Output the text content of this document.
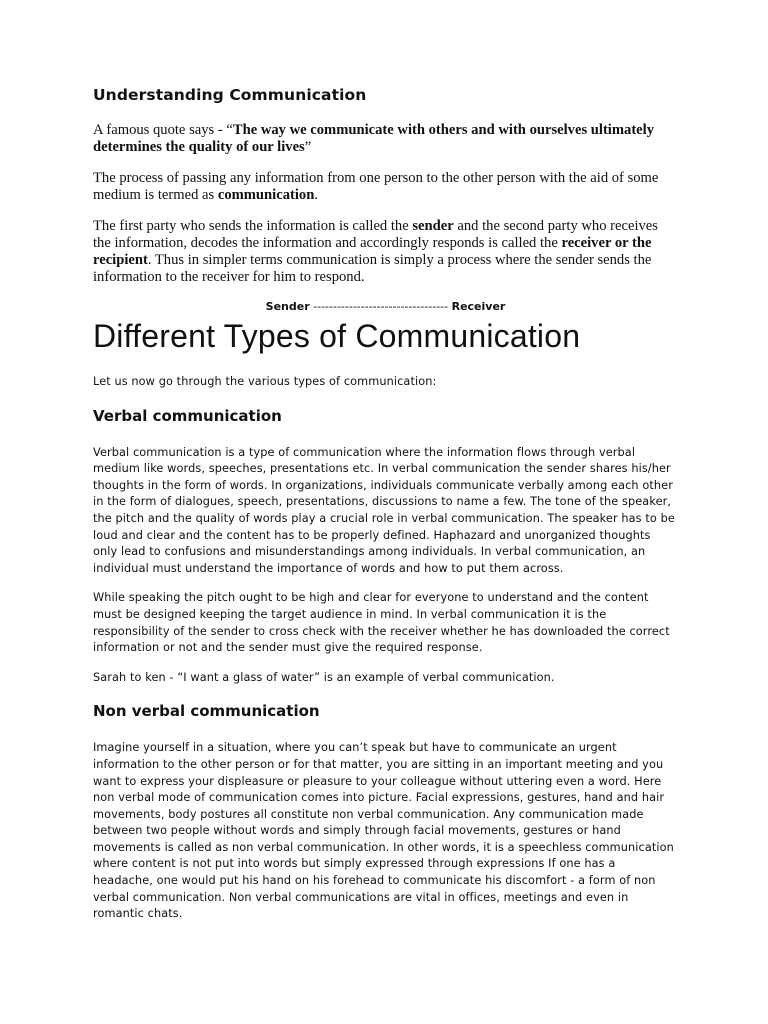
Understanding Communication

A famous quote says - “The way we communicate with others and with ourselves ultimately determines the quality of our lives”

The process of passing any information from one person to the other person with the aid of some medium is termed as communication.

The first party who sends the information is called the sender and the second party who receives the information, decodes the information and accordingly responds is called the receiver or the recipient. Thus in simpler terms communication is simply a process where the sender sends the information to the receiver for him to respond.

Sender ---------------------------------- Receiver
Different Types of Communication

Let us now go through the various types of communication:

Verbal communication

Verbal communication is a type of communication where the information flows through verbal medium like words, speeches, presentations etc. In verbal communication the sender shares his/her thoughts in the form of words. In organizations, individuals communicate verbally among each other in the form of dialogues, speech, presentations, discussions to name a few. The tone of the speaker, the pitch and the quality of words play a crucial role in verbal communication. The speaker has to be loud and clear and the content has to be properly defined. Haphazard and unorganized thoughts only lead to confusions and misunderstandings among individuals. In verbal communication, an individual must understand the importance of words and how to put them across.

While speaking the pitch ought to be high and clear for everyone to understand and the content must be designed keeping the target audience in mind. In verbal communication it is the responsibility of the sender to cross check with the receiver whether he has downloaded the correct information or not and the sender must give the required response.

Sarah to ken - “I want a glass of water” is an example of verbal communication.

Non verbal communication

Imagine yourself in a situation, where you can’t speak but have to communicate an urgent information to the other person or for that matter, you are sitting in an important meeting and you want to express your displeasure or pleasure to your colleague without uttering even a word. Here non verbal mode of communication comes into picture. Facial expressions, gestures, hand and hair movements, body postures all constitute non verbal communication. Any communication made between two people without words and simply through facial movements, gestures or hand movements is called as non verbal communication. In other words, it is a speechless communication where content is not put into words but simply expressed through expressions If one has a headache, one would put his hand on his forehead to communicate his discomfort - a form of non verbal communication. Non verbal communications are vital in offices, meetings and even in romantic chats.
